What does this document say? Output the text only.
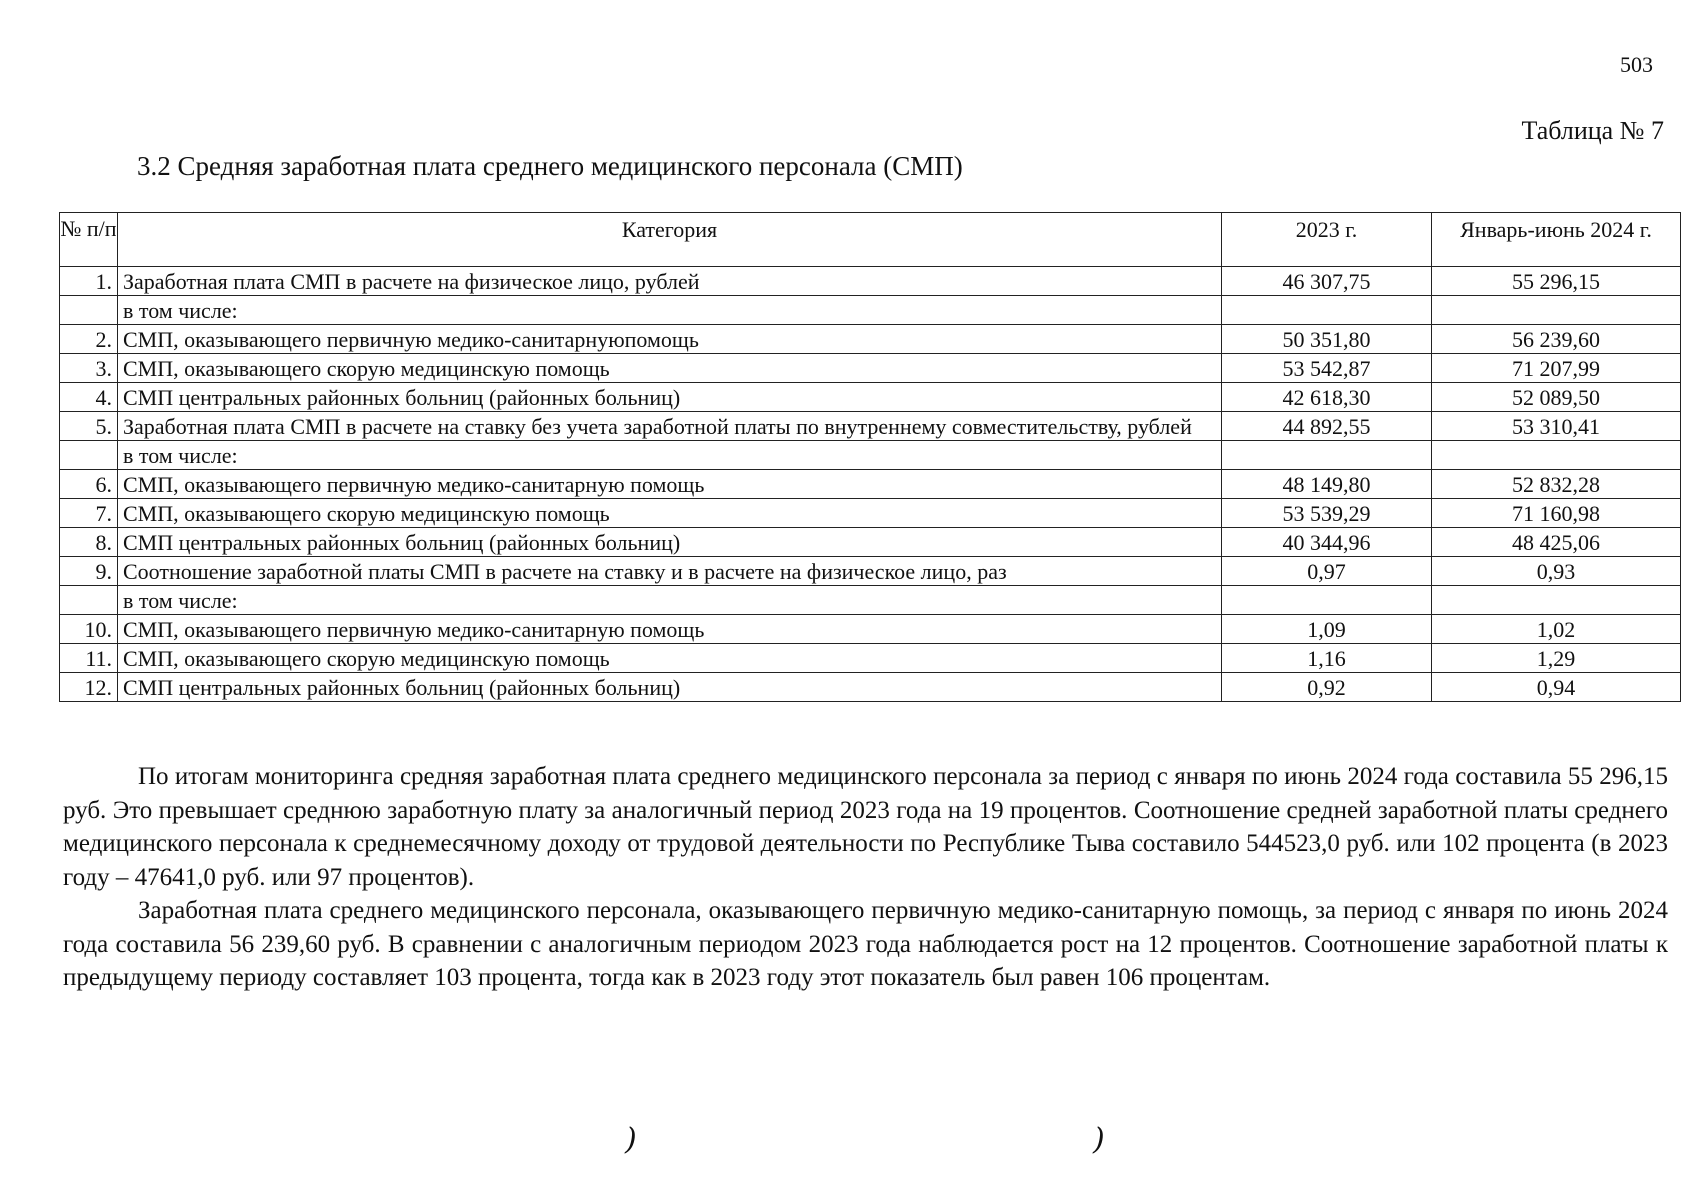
503
Таблица № 7
3.2 Средняя заработная плата среднего медицинского персонала (СМП)
№ п/п	Категория	2023 г.	Январь-июнь 2024 г.
1.	Заработная плата СМП в расчете на физическое лицо, рублей	46 307,75	55 296,15
	в том числе:		
2.	СМП, оказывающего первичную медико-санитарнуюпомощь	50 351,80	56 239,60
3.	СМП, оказывающего скорую медицинскую помощь	53 542,87	71 207,99
4.	СМП центральных районных больниц (районных больниц)	42 618,30	52 089,50
5.	Заработная плата СМП в расчете на ставку без учета заработной платы по внутреннему совместительству, рублей	44 892,55	53 310,41
	в том числе:		
6.	СМП, оказывающего первичную медико-санитарную помощь	48 149,80	52 832,28
7.	СМП, оказывающего скорую медицинскую помощь	53 539,29	71 160,98
8.	СМП центральных районных больниц (районных больниц)	40 344,96	48 425,06
9.	Соотношение заработной платы СМП в расчете на ставку и в расчете на физическое лицо, раз	0,97	0,93
	в том числе:		
10.	СМП, оказывающего первичную медико-санитарную помощь	1,09	1,02
11.	СМП, оказывающего скорую медицинскую помощь	1,16	1,29
12.	СМП центральных районных больниц (районных больниц)	0,92	0,94

По итогам мониторинга средняя заработная плата среднего медицинского персонала за период с января по июнь 2024 года составила 55 296,15 руб. Это превышает среднюю заработную плату за аналогичный период 2023 года на 19 процентов. Соотношение средней заработной платы среднего медицинского персонала к среднемесячному доходу от трудовой деятельности по Республике Тыва составило 544523,0 руб. или 102 процента (в 2023 году – 47641,0 руб. или 97 процентов).

Заработная плата среднего медицинского персонала, оказывающего первичную медико-санитарную помощь, за период с января по июнь 2024 года составила 56 239,60 руб. В сравнении с аналогичным периодом 2023 года наблюдается рост на 12 процентов. Соотношение заработной платы к предыдущему периоду составляет 103 процента, тогда как в 2023 году этот показатель был равен 106 процентам.

)	)
